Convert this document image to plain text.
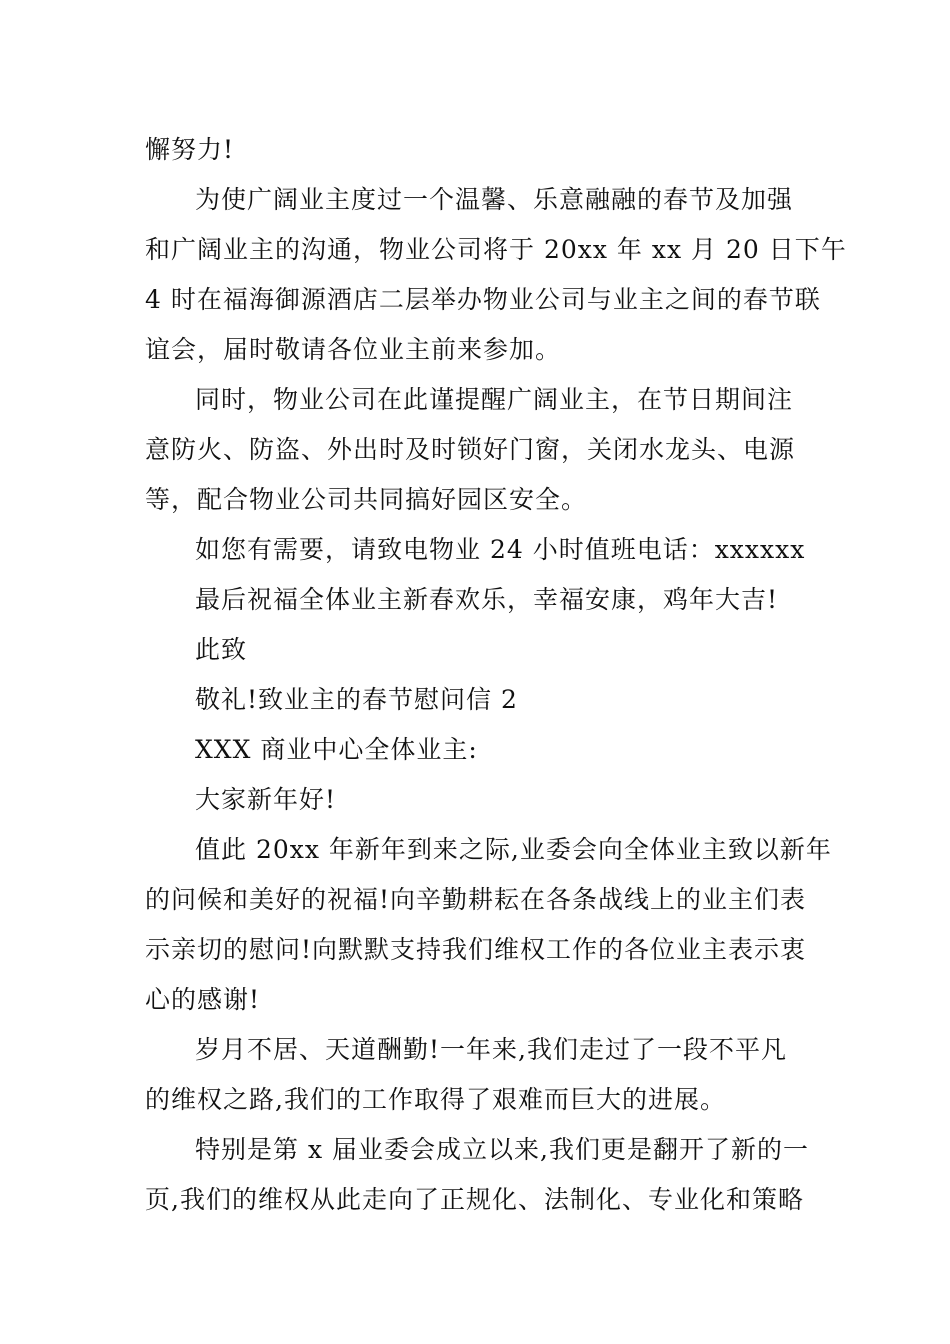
懈努力!
为使广阔业主度过一个温馨、乐意融融的春节及加强
和广阔业主的沟通，物业公司将于 20xx 年 xx 月 20 日下午
4 时在福海御源酒店二层举办物业公司与业主之间的春节联
谊会，届时敬请各位业主前来参加。
同时，物业公司在此谨提醒广阔业主，在节日期间注
意防火、防盗、外出时及时锁好门窗，关闭水龙头、电源
等，配合物业公司共同搞好园区安全。
如您有需要，请致电物业 24 小时值班电话：xxxxxx
最后祝福全体业主新春欢乐，幸福安康，鸡年大吉!
此致
敬礼!致业主的春节慰问信 2
XXX 商业中心全体业主:
大家新年好!
值此 20xx 年新年到来之际,业委会向全体业主致以新年
的问候和美好的祝福!向辛勤耕耘在各条战线上的业主们表
示亲切的慰问!向默默支持我们维权工作的各位业主表示衷
心的感谢!
岁月不居、天道酬勤!一年来,我们走过了一段不平凡
的维权之路,我们的工作取得了艰难而巨大的进展。
特别是第 x 届业委会成立以来,我们更是翻开了新的一
页,我们的维权从此走向了正规化、法制化、专业化和策略
